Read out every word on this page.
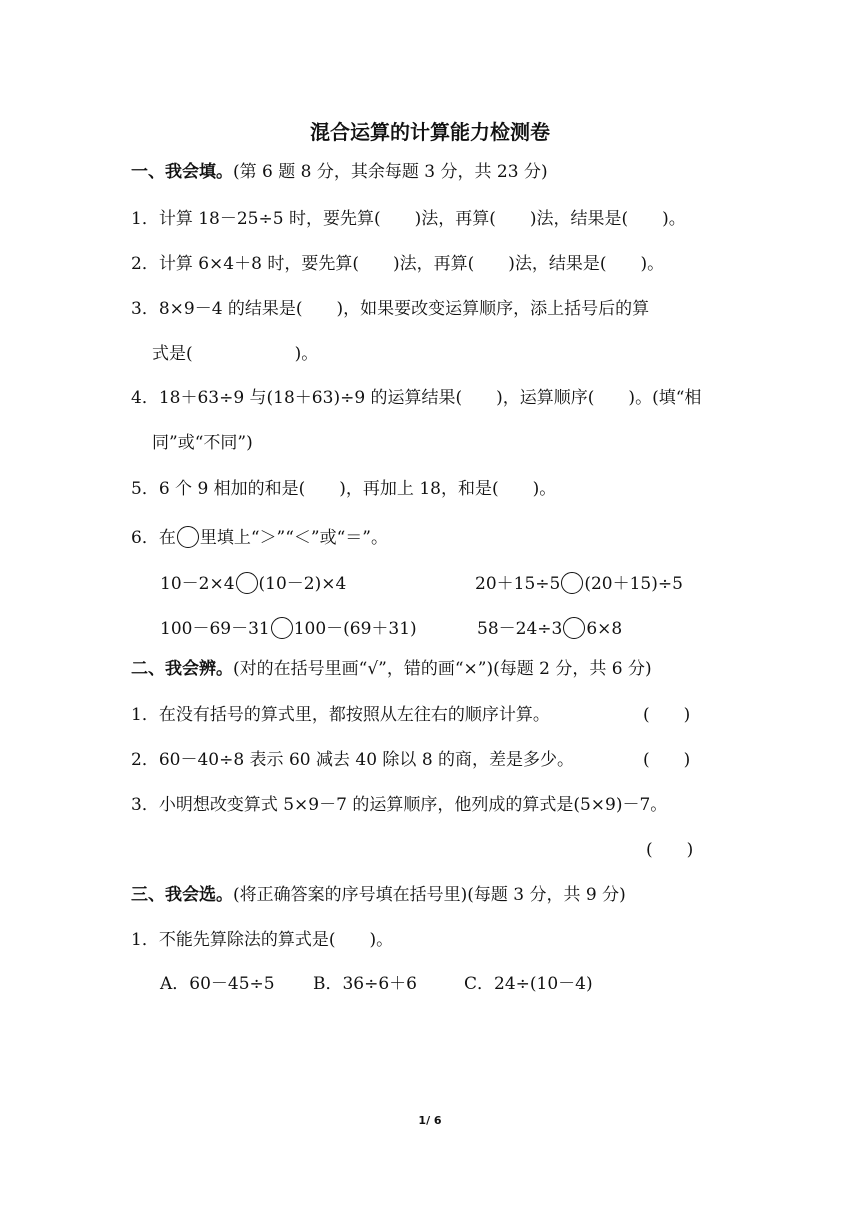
混合运算的计算能力检测卷
一、我会填。(第 6 题 8 分，其余每题 3 分，共 23 分)
1．计算 18－25÷5 时，要先算(　　)法，再算(　　)法，结果是(　　)。
2．计算 6×4＋8 时，要先算(　　)法，再算(　　)法，结果是(　　)。
3．8×9－4 的结果是(　　)，如果要改变运算顺序，添上括号后的算
式是(　　　　　　)。
4．18＋63÷9 与(18＋63)÷9 的运算结果(　　)，运算顺序(　　)。(填“相
同”或“不同”)
5．6 个 9 相加的和是(　　)，再加上 18，和是(　　)。
6．在 里填上“＞”“＜”或“＝”。
10－2×4 (10－2)×4	20＋15÷5 (20＋15)÷5
100－69－31 100－(69＋31)	58－24÷3 6×8
二、我会辨。(对的在括号里画“√”，错的画“×”)(每题 2 分，共 6 分)
1．在没有括号的算式里，都按照从左往右的顺序计算。	(　　)
2．60－40÷8 表示 60 减去 40 除以 8 的商，差是多少。	(　　)
3．小明想改变算式 5×9－7 的运算顺序，他列成的算式是(5×9)－7。
(　　)
三、我会选。(将正确答案的序号填在括号里)(每题 3 分，共 9 分)
1．不能先算除法的算式是(　　)。
A．60－45÷5 B．36÷6＋6	C．24÷(10－4)
1/ 6
